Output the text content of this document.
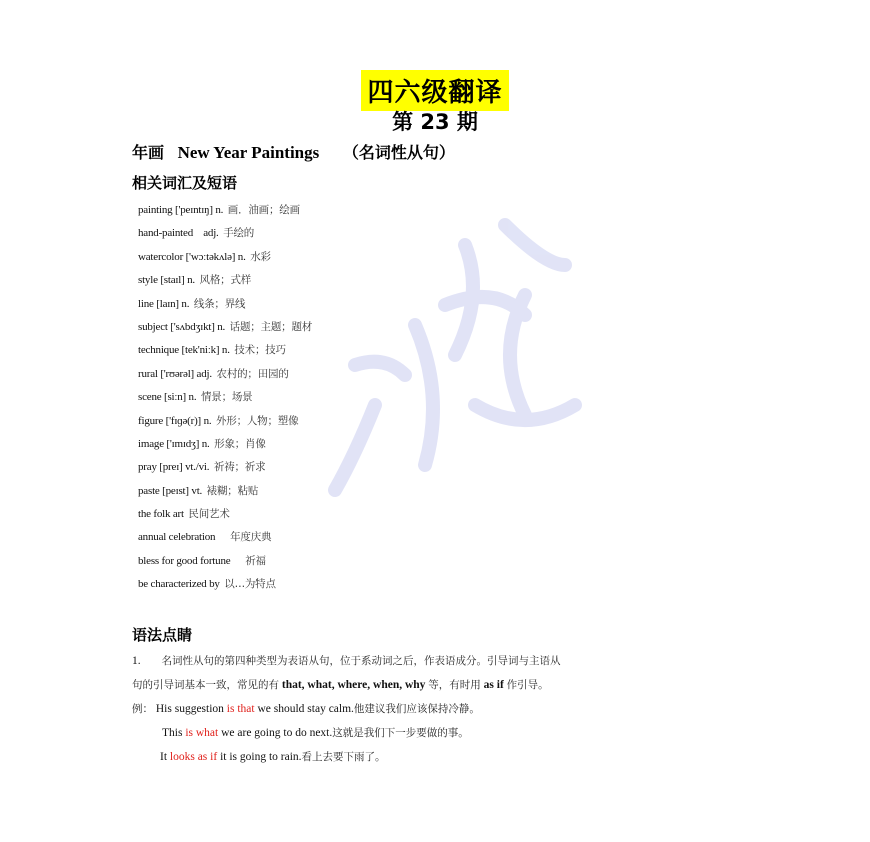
四六级翻译
第 23 期
年画 New Year Paintings （名词性从句）
相关词汇及短语
painting ['peɪntɪŋ] n. 画．油画；绘画
hand-painted    adj. 手绘的
watercolor ['wɔːtəkʌlə] n. 水彩
style [staɪl] n. 风格；式样
line [laɪn] n. 线条；界线
subject ['sʌbdʒɪkt] n. 话题；主题；题材
technique [tek'niːk] n. 技术；技巧
rural ['rʊərəl] adj. 农村的；田园的
scene [siːn] n. 情景；场景
figure ['fɪɡə(r)] n. 外形；人物；塑像
image ['ɪmɪdʒ] n. 形象；肖像
pray [preɪ] vt./vi. 祈祷；祈求
paste [peɪst] vt. 裱糊；粘贴
the folk art 民间艺术
annual celebration     年度庆典
bless for good fortune     祈福
be characterized by 以…为特点
语法点睛
1. 名词性从句的第四种类型为表语从句，位于系动词之后，作表语成分。引导词与主语从
句的引导词基本一致，常见的有 that, what, where, when, why 等，有时用 as if 作引导。
例： His suggestion is that we should stay calm.他建议我们应该保持冷静。
This is what we are going to do next.这就是我们下一步要做的事。
It looks as if it is going to rain.看上去要下雨了。
